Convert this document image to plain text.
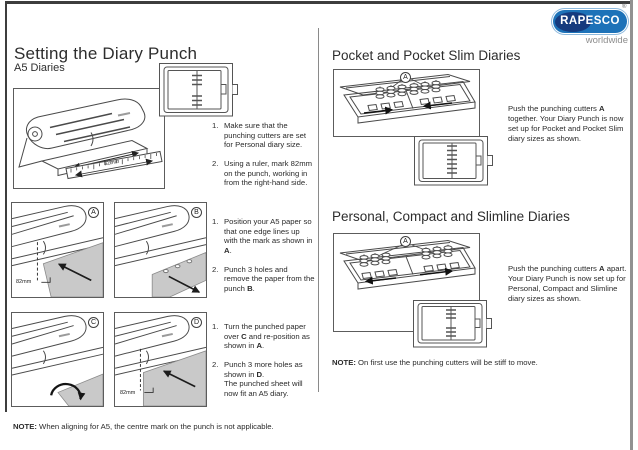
RAPESCO
®
worldwide
Setting the Diary Punch
A5 Diaries
82mm
1. Make sure that the punching cutters are set for Personal diary size.
2. Using a ruler, mark 82mm on the punch, working in from the right-hand side.
A
82mm
B
1. Position your A5 paper so that one edge lines up with the mark as shown in A.
2. Punch 3 holes and remove the paper from the punch B.
C	D
82mm
1. Turn the punched paper over C and re-position as shown in A.
2. Punch 3 more holes as shown in D.
The punched sheet will now fit an A5 diary.
NOTE: When aligning for A5, the centre mark on the punch is not applicable.
Pocket and Pocket Slim Diaries
A
Push the punching cutters A together. Your Diary Punch is now set up for Pocket and Pocket Slim diary sizes as shown.
Personal, Compact and Slimline Diaries
A
Push the punching cutters A apart. Your Diary Punch is now set up for Personal, Compact and Slimline diary sizes as shown.
NOTE: On first use the punching cutters will be stiff to move.
